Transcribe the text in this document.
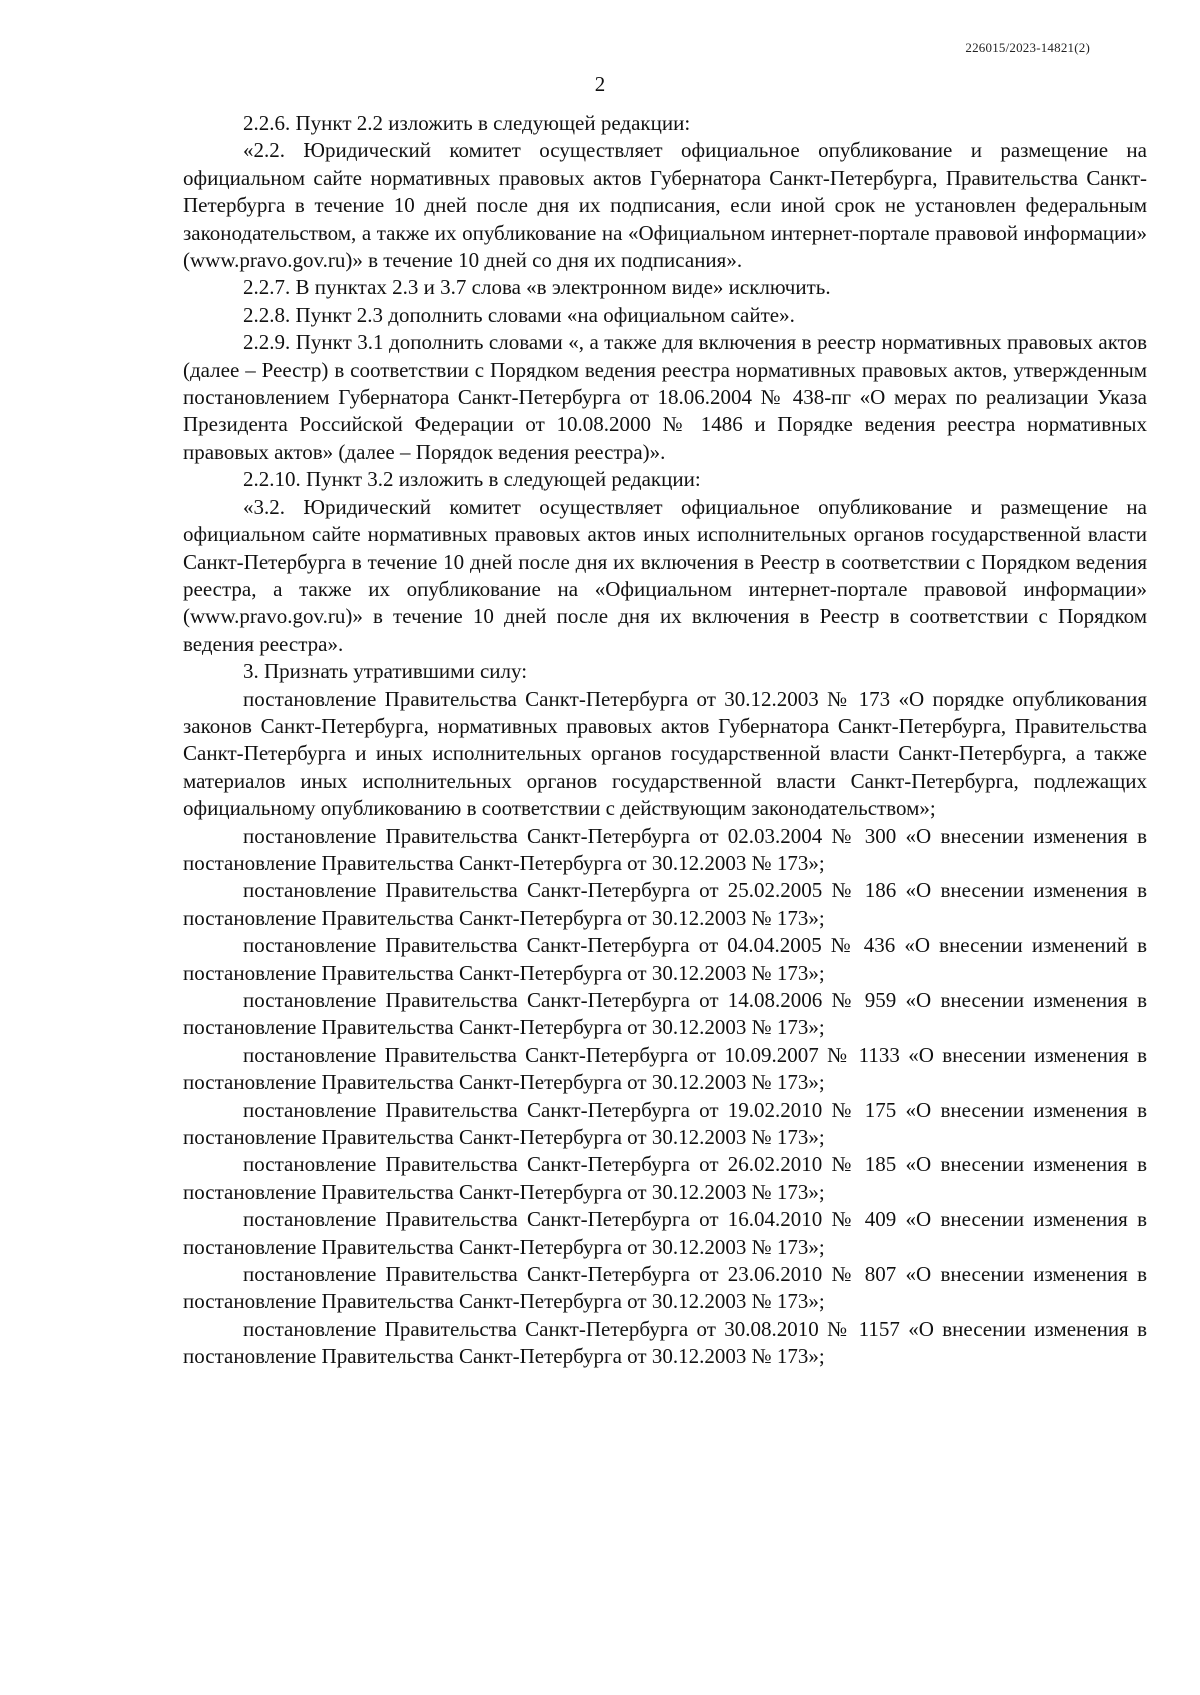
226015/2023-14821(2)
2

2.2.6. Пункт 2.2 изложить в следующей редакции:

«2.2. Юридический комитет осуществляет официальное опубликование и размещение на официальном сайте нормативных правовых актов Губернатора Санкт-Петербурга, Правительства Санкт-Петербурга в течение 10 дней после дня их подписания, если иной срок не установлен федеральным законодательством, а также их опубликование на «Официальном интернет-портале правовой информации» (www.pravo.gov.ru)» в течение 10 дней со дня их подписания».

2.2.7. В пунктах 2.3 и 3.7 слова «в электронном виде» исключить.

2.2.8. Пункт 2.3 дополнить словами «на официальном сайте».

2.2.9. Пункт 3.1 дополнить словами «, а также для включения в реестр нормативных правовых актов (далее – Реестр) в соответствии с Порядком ведения реестра нормативных правовых актов, утвержденным постановлением Губернатора Санкт-Петербурга от 18.06.2004 № 438-пг «О мерах по реализации Указа Президента Российской Федерации от 10.08.2000 № 1486 и Порядке ведения реестра нормативных правовых актов» (далее – Порядок ведения реестра)».

2.2.10. Пункт 3.2 изложить в следующей редакции:

«3.2. Юридический комитет осуществляет официальное опубликование и размещение на официальном сайте нормативных правовых актов иных исполнительных органов государственной власти Санкт-Петербурга в течение 10 дней после дня их включения в Реестр в соответствии с Порядком ведения реестра, а также их опубликование на «Официальном интернет-портале правовой информации» (www.pravo.gov.ru)» в течение 10 дней после дня их включения в Реестр в соответствии с Порядком ведения реестра».

3. Признать утратившими силу:

постановление Правительства Санкт-Петербурга от 30.12.2003 № 173 «О порядке опубликования законов Санкт-Петербурга, нормативных правовых актов Губернатора Санкт-Петербурга, Правительства Санкт-Петербурга и иных исполнительных органов государственной власти Санкт-Петербурга, а также материалов иных исполнительных органов государственной власти Санкт-Петербурга, подлежащих официальному опубликованию в соответствии с действующим законодательством»;

постановление Правительства Санкт-Петербурга от 02.03.2004 № 300 «О внесении изменения в постановление Правительства Санкт-Петербурга от 30.12.2003 № 173»;

постановление Правительства Санкт-Петербурга от 25.02.2005 № 186 «О внесении изменения в постановление Правительства Санкт-Петербурга от 30.12.2003 № 173»;

постановление Правительства Санкт-Петербурга от 04.04.2005 № 436 «О внесении изменений в постановление Правительства Санкт-Петербурга от 30.12.2003 № 173»;

постановление Правительства Санкт-Петербурга от 14.08.2006 № 959 «О внесении изменения в постановление Правительства Санкт-Петербурга от 30.12.2003 № 173»;

постановление Правительства Санкт-Петербурга от 10.09.2007 № 1133 «О внесении изменения в постановление Правительства Санкт-Петербурга от 30.12.2003 № 173»;

постановление Правительства Санкт-Петербурга от 19.02.2010 № 175 «О внесении изменения в постановление Правительства Санкт-Петербурга от 30.12.2003 № 173»;

постановление Правительства Санкт-Петербурга от 26.02.2010 № 185 «О внесении изменения в постановление Правительства Санкт-Петербурга от 30.12.2003 № 173»;

постановление Правительства Санкт-Петербурга от 16.04.2010 № 409 «О внесении изменения в постановление Правительства Санкт-Петербурга от 30.12.2003 № 173»;

постановление Правительства Санкт-Петербурга от 23.06.2010 № 807 «О внесении изменения в постановление Правительства Санкт-Петербурга от 30.12.2003 № 173»;

постановление Правительства Санкт-Петербурга от 30.08.2010 № 1157 «О внесении изменения в постановление Правительства Санкт-Петербурга от 30.12.2003 № 173»;
